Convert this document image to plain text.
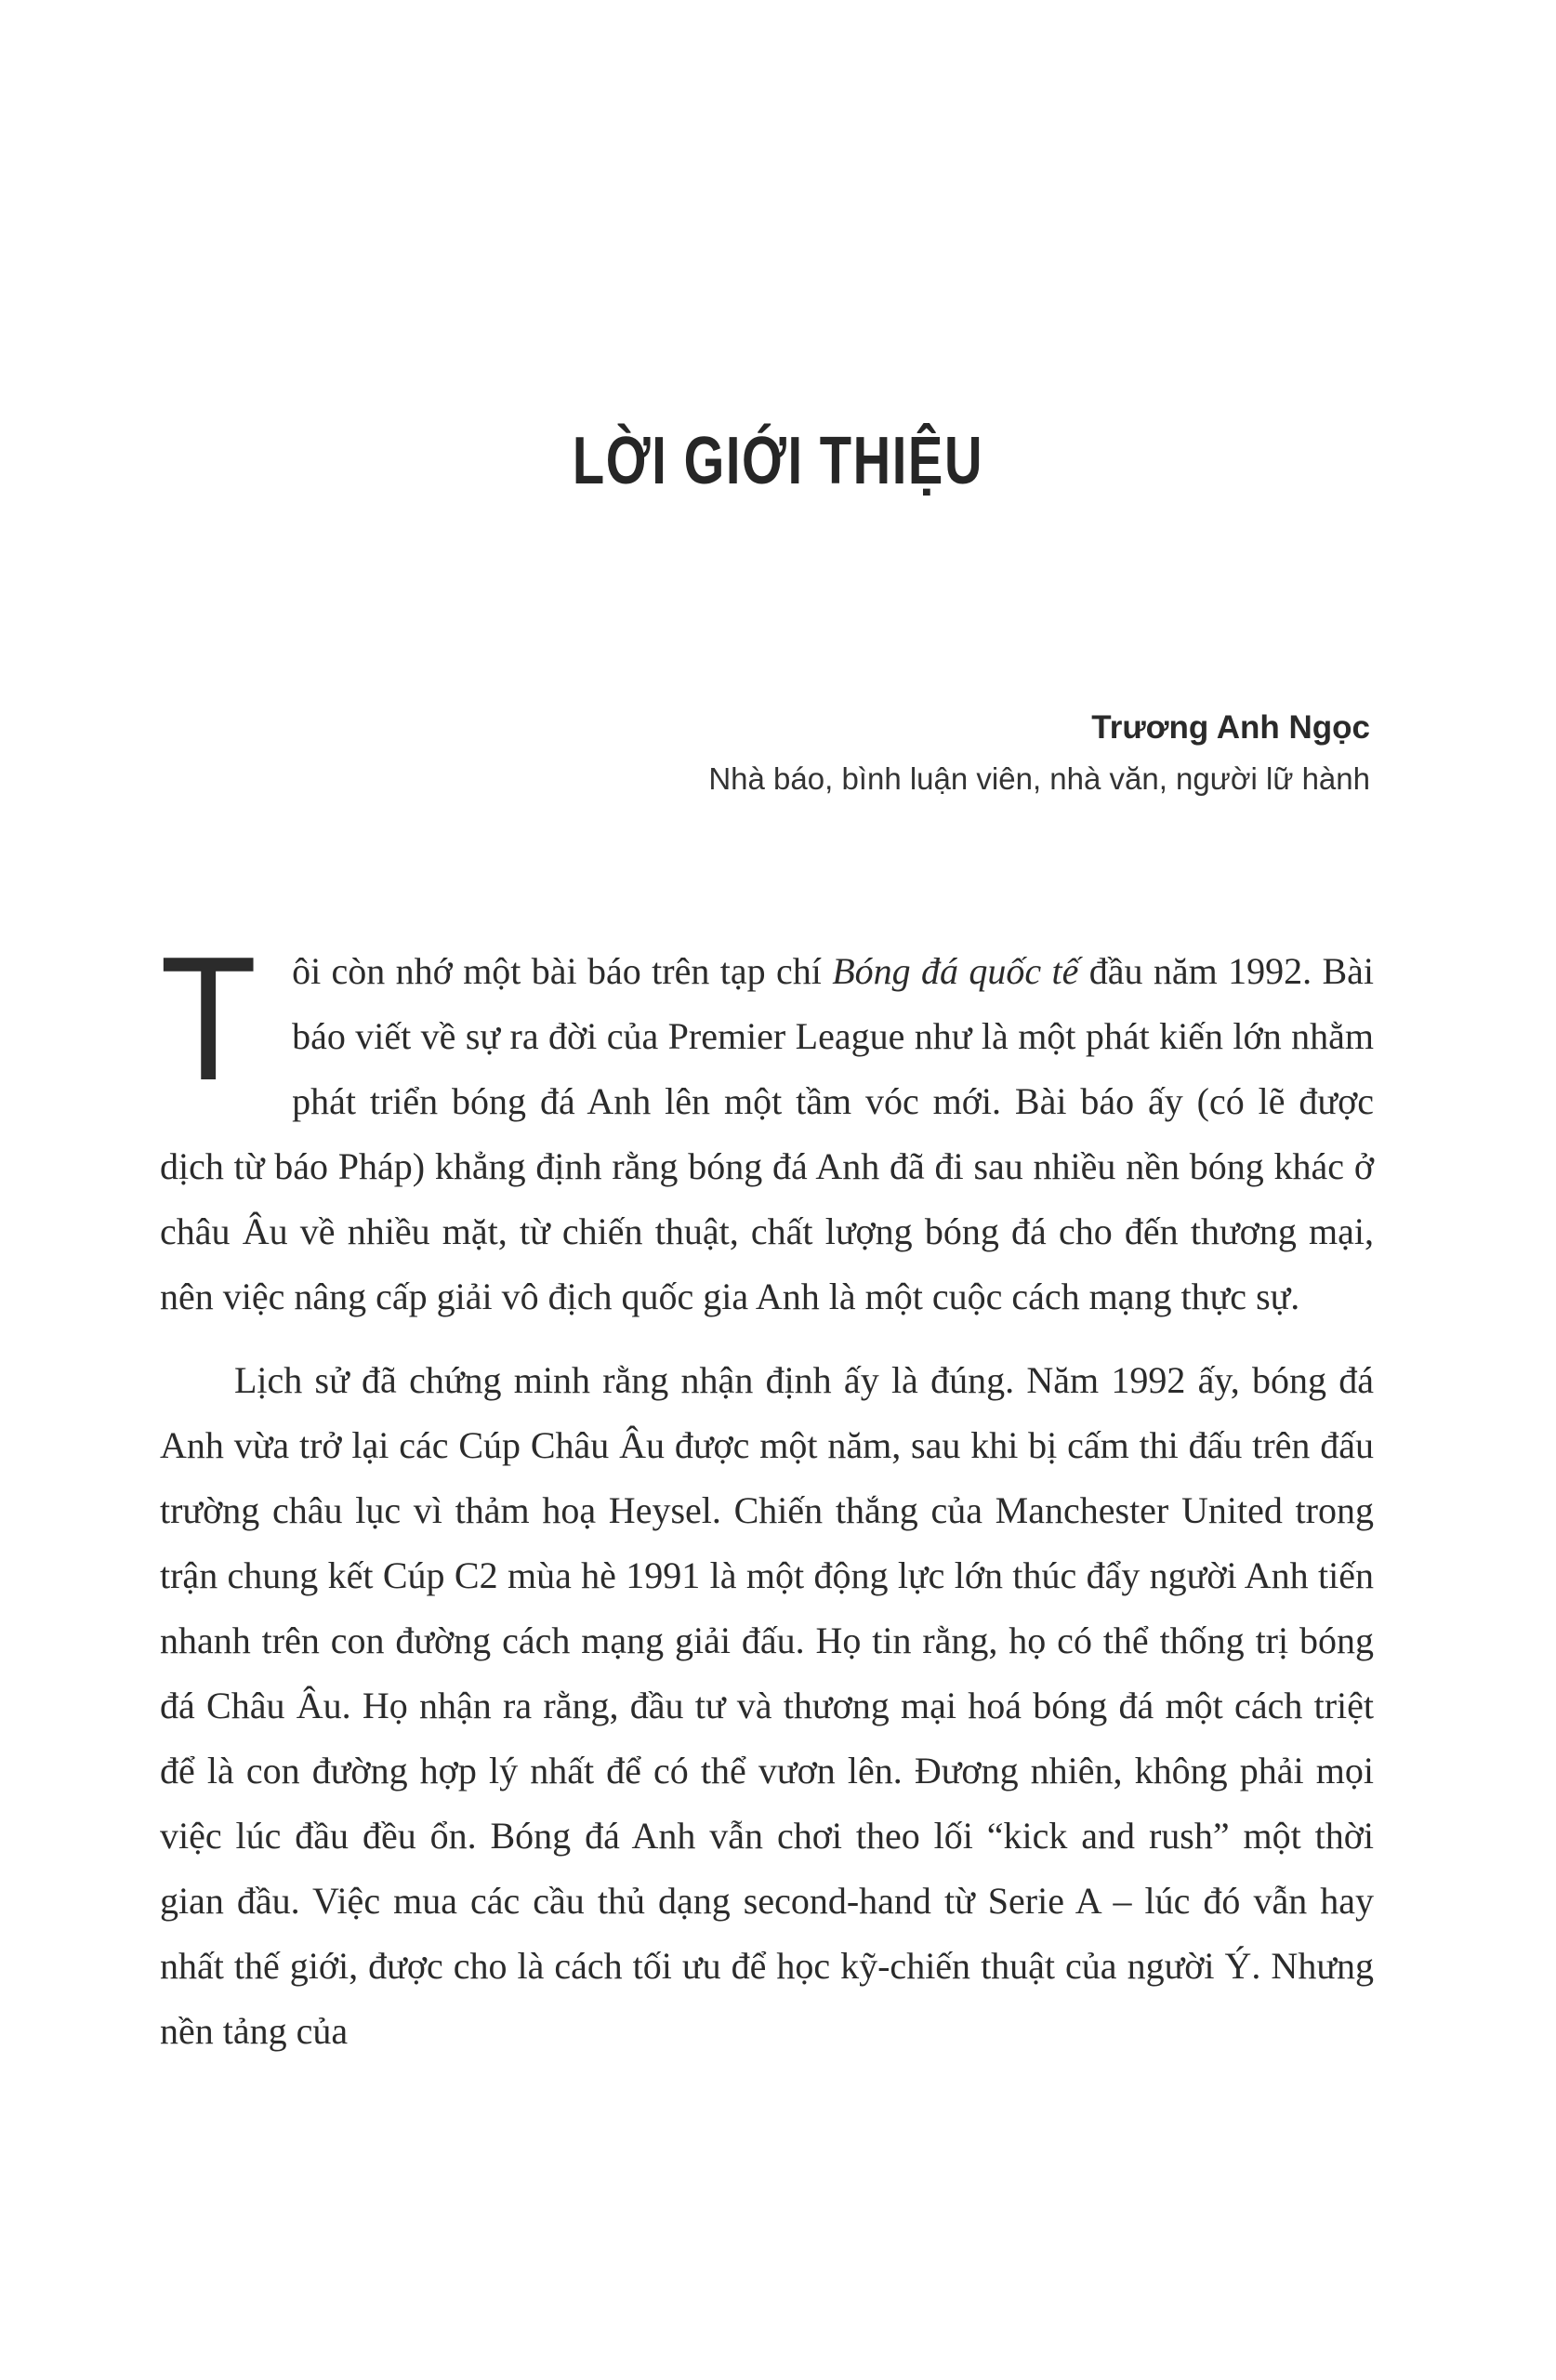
LỜI GIỚI THIỆU
Trương Anh Ngọc
Nhà báo, bình luận viên, nhà văn, người lữ hành

Tôi còn nhớ một bài báo trên tạp chí Bóng đá quốc tế đầu năm 1992. Bài báo viết về sự ra đời của Premier League như là một phát kiến lớn nhằm phát triển bóng đá Anh lên một tầm vóc mới. Bài báo ấy (có lẽ được dịch từ báo Pháp) khẳng định rằng bóng đá Anh đã đi sau nhiều nền bóng khác ở châu Âu về nhiều mặt, từ chiến thuật, chất lượng bóng đá cho đến thương mại, nên việc nâng cấp giải vô địch quốc gia Anh là một cuộc cách mạng thực sự.

Lịch sử đã chứng minh rằng nhận định ấy là đúng. Năm 1992 ấy, bóng đá Anh vừa trở lại các Cúp Châu Âu được một năm, sau khi bị cấm thi đấu trên đấu trường châu lục vì thảm hoạ Heysel. Chiến thắng của Manchester United trong trận chung kết Cúp C2 mùa hè 1991 là một động lực lớn thúc đẩy người Anh tiến nhanh trên con đường cách mạng giải đấu. Họ tin rằng, họ có thể thống trị bóng đá Châu Âu. Họ nhận ra rằng, đầu tư và thương mại hoá bóng đá một cách triệt để là con đường hợp lý nhất để có thể vươn lên. Đương nhiên, không phải mọi việc lúc đầu đều ổn. Bóng đá Anh vẫn chơi theo lối “kick and rush” một thời gian đầu. Việc mua các cầu thủ dạng second-hand từ Serie A – lúc đó vẫn hay nhất thế giới, được cho là cách tối ưu để học kỹ-chiến thuật của người Ý. Nhưng nền tảng của
